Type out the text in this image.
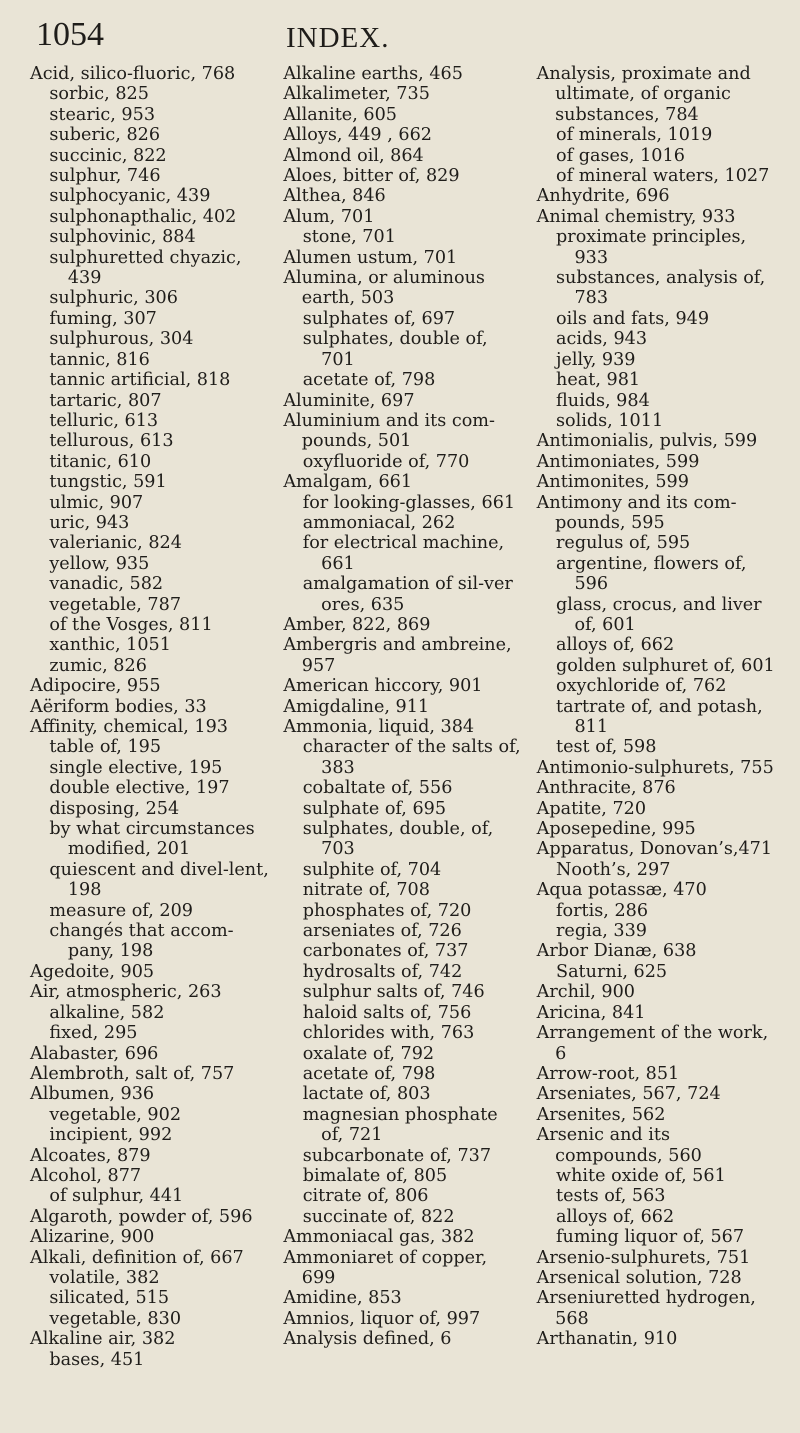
1054	INDEX.

Acid, silico-fluoric, 768

sorbic, 825

stearic, 953

suberic, 826

succinic, 822

sulphur, 746

sulphocyanic, 439

sulphonapthalic, 402

sulphovinic, 884

sulphuretted chyazic, 439

sulphuric, 306

fuming, 307

sulphurous, 304

tannic, 816

tannic artificial, 818

tartaric, 807

telluric, 613

tellurous, 613

titanic, 610

tungstic, 591

ulmic, 907

uric, 943

valerianic, 824

yellow, 935

vanadic, 582

vegetable, 787

of the Vosges, 811

xanthic, 1051

zumic, 826

Adipocire, 955

Aëriform bodies, 33

Affinity, chemical, 193

table of, 195

single elective, 195

double elective, 197

disposing, 254

by what circumstances modified, 201

quiescent and divel-lent, 198

measure of, 209

changés that accom-pany, 198

Agedoite, 905

Air, atmospheric, 263

alkaline, 582

fixed, 295

Alabaster, 696

Alembroth, salt of, 757

Albumen, 936

vegetable, 902

incipient, 992

Alcoates, 879

Alcohol, 877

of sulphur, 441

Algaroth, powder of, 596

Alizarine, 900

Alkali, definition of, 667

volatile, 382

silicated, 515

vegetable, 830

Alkaline air, 382

bases, 451

Alkaline earths, 465

Alkalimeter, 735

Allanite, 605

Alloys, 449 , 662

Almond oil, 864

Aloes, bitter of, 829

Althea, 846

Alum, 701

stone, 701

Alumen ustum, 701

Alumina, or aluminous earth, 503

sulphates of, 697

sulphates, double of, 701

acetate of, 798

Aluminite, 697

Aluminium and its com-pounds, 501

oxyfluoride of, 770

Amalgam, 661

for looking-glasses, 661

ammoniacal, 262

for electrical machine, 661

amalgamation of sil-ver ores, 635

Amber, 822, 869

Ambergris and ambreine, 957

American hiccory, 901

Amigdaline, 911

Ammonia, liquid, 384

character of the salts of, 383

cobaltate of, 556

sulphate of, 695

sulphates, double, of, 703

sulphite of, 704

nitrate of, 708

phosphates of, 720

arseniates of, 726

carbonates of, 737

hydrosalts of, 742

sulphur salts of, 746

haloid salts of, 756

chlorides with, 763

oxalate of, 792

acetate of, 798

lactate of, 803

magnesian phosphate of, 721

subcarbonate of, 737

bimalate of, 805

citrate of, 806

succinate of, 822

Ammoniacal gas, 382

Ammoniaret of copper, 699

Amidine, 853

Amnios, liquor of, 997

Analysis defined, 6

Analysis, proximate and ultimate, of organic substances, 784

of minerals, 1019

of gases, 1016

of mineral waters, 1027

Anhydrite, 696

Animal chemistry, 933

proximate principles, 933

substances, analysis of, 783

oils and fats, 949

acids, 943

jelly, 939

heat, 981

fluids, 984

solids, 1011

Antimonialis, pulvis, 599

Antimoniates, 599

Antimonites, 599

Antimony and its com-pounds, 595

regulus of, 595

argentine, flowers of, 596

glass, crocus, and liver of, 601

alloys of, 662

golden sulphuret of, 601

oxychloride of, 762

tartrate of, and potash, 811

test of, 598

Antimonio-sulphurets, 755

Anthracite, 876

Apatite, 720

Aposepedine, 995

Apparatus, Donovan’s,471

Nooth’s, 297

Aqua potassæ, 470

fortis, 286

regia, 339

Arbor Dianæ, 638

Saturni, 625

Archil, 900

Aricina, 841

Arrangement of the work, 6

Arrow-root, 851

Arseniates, 567, 724

Arsenites, 562

Arsenic and its compounds, 560

white oxide of, 561

tests of, 563

alloys of, 662

fuming liquor of, 567

Arsenio-sulphurets, 751

Arsenical solution, 728

Arseniuretted hydrogen, 568

Arthanatin, 910
